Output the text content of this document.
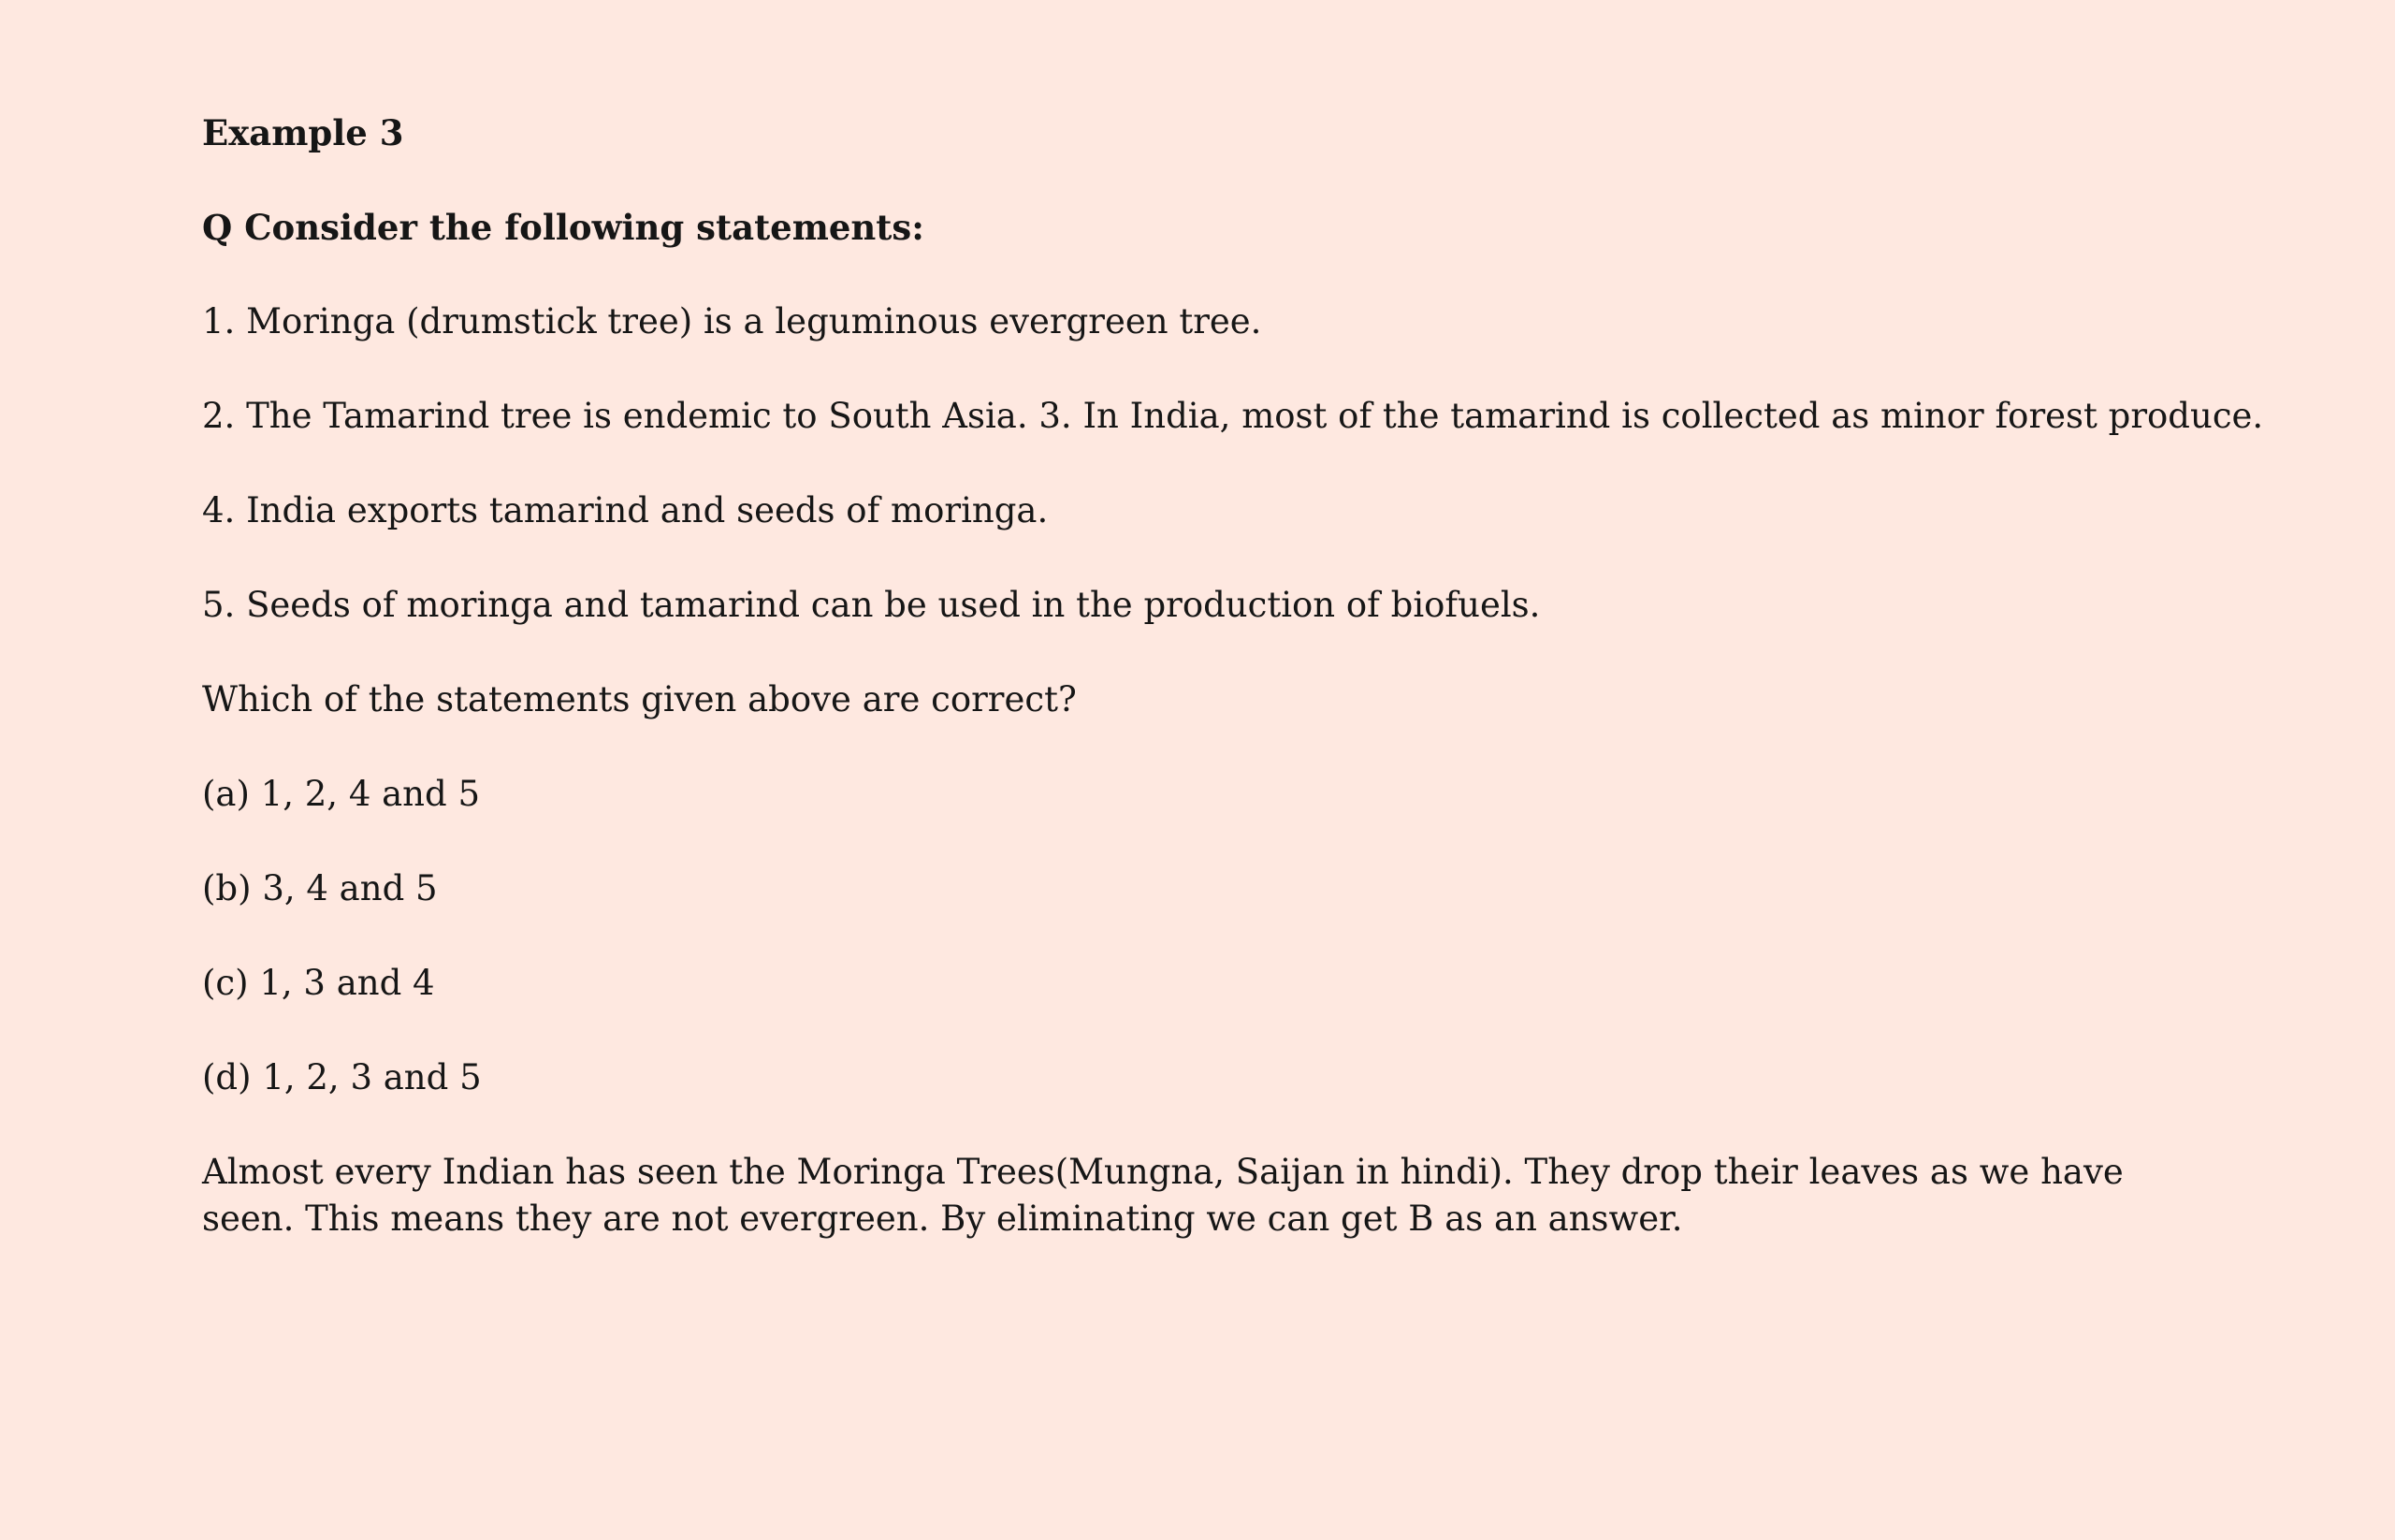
Example 3

Q Consider the following statements:

1. Moringa (drumstick tree) is a leguminous evergreen tree.

2. The Tamarind tree is endemic to South Asia. 3. In India, most of the tamarind is collected as minor forest produce.

4. India exports tamarind and seeds of moringa.

5. Seeds of moringa and tamarind can be used in the production of biofuels.

Which of the statements given above are correct?

(a) 1, 2, 4 and 5

(b) 3, 4 and 5

(c) 1, 3 and 4

(d) 1, 2, 3 and 5

Almost every Indian has seen the Moringa Trees(Mungna, Saijan in hindi). They drop their leaves as we have seen. This means they are not evergreen. By eliminating we can get B as an answer.
